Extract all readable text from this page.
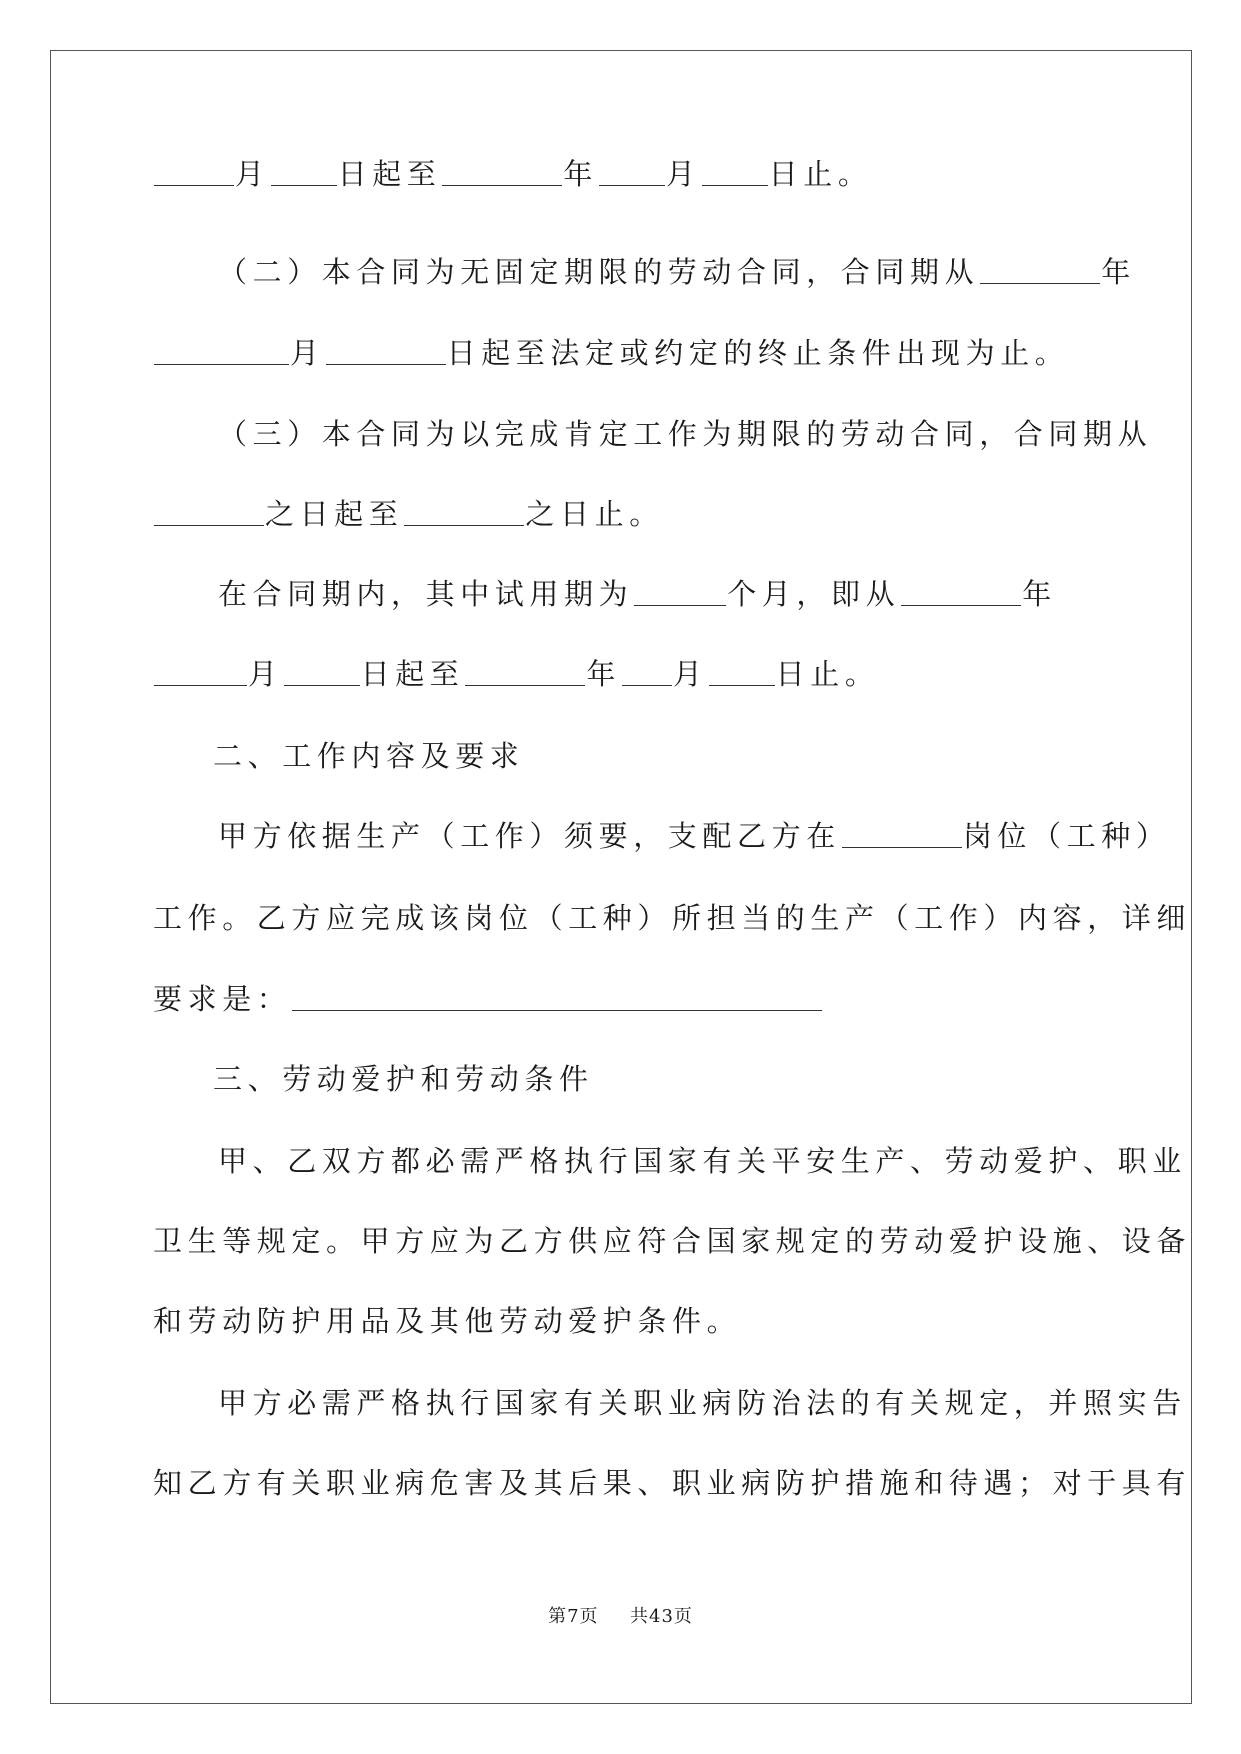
月 日起至	年 月 日止。
（二）本合同为无固定期限的劳动合同，合同期从	年
月	日起至法定或约定的终止条件出现为止。
（三）本合同为以完成肯定工作为期限的劳动合同，合同期从
之日起至	之日止。
在合同期内，其中试用期为	个月，即从	年
月	日起至	年 月 日止。
二、工作内容及要求
甲方依据生产（工作）须要，支配乙方在	岗位（工种）
工作。乙方应完成该岗位（工种）所担当的生产（工作）内容，详细
要求是：
三、劳动爱护和劳动条件
甲、乙双方都必需严格执行国家有关平安生产、劳动爱护、职业
卫生等规定。甲方应为乙方供应符合国家规定的劳动爱护设施、设备
和劳动防护用品及其他劳动爱护条件。
甲方必需严格执行国家有关职业病防治法的有关规定，并照实告
知乙方有关职业病危害及其后果、职业病防护措施和待遇；对于具有
第7页 共43页
